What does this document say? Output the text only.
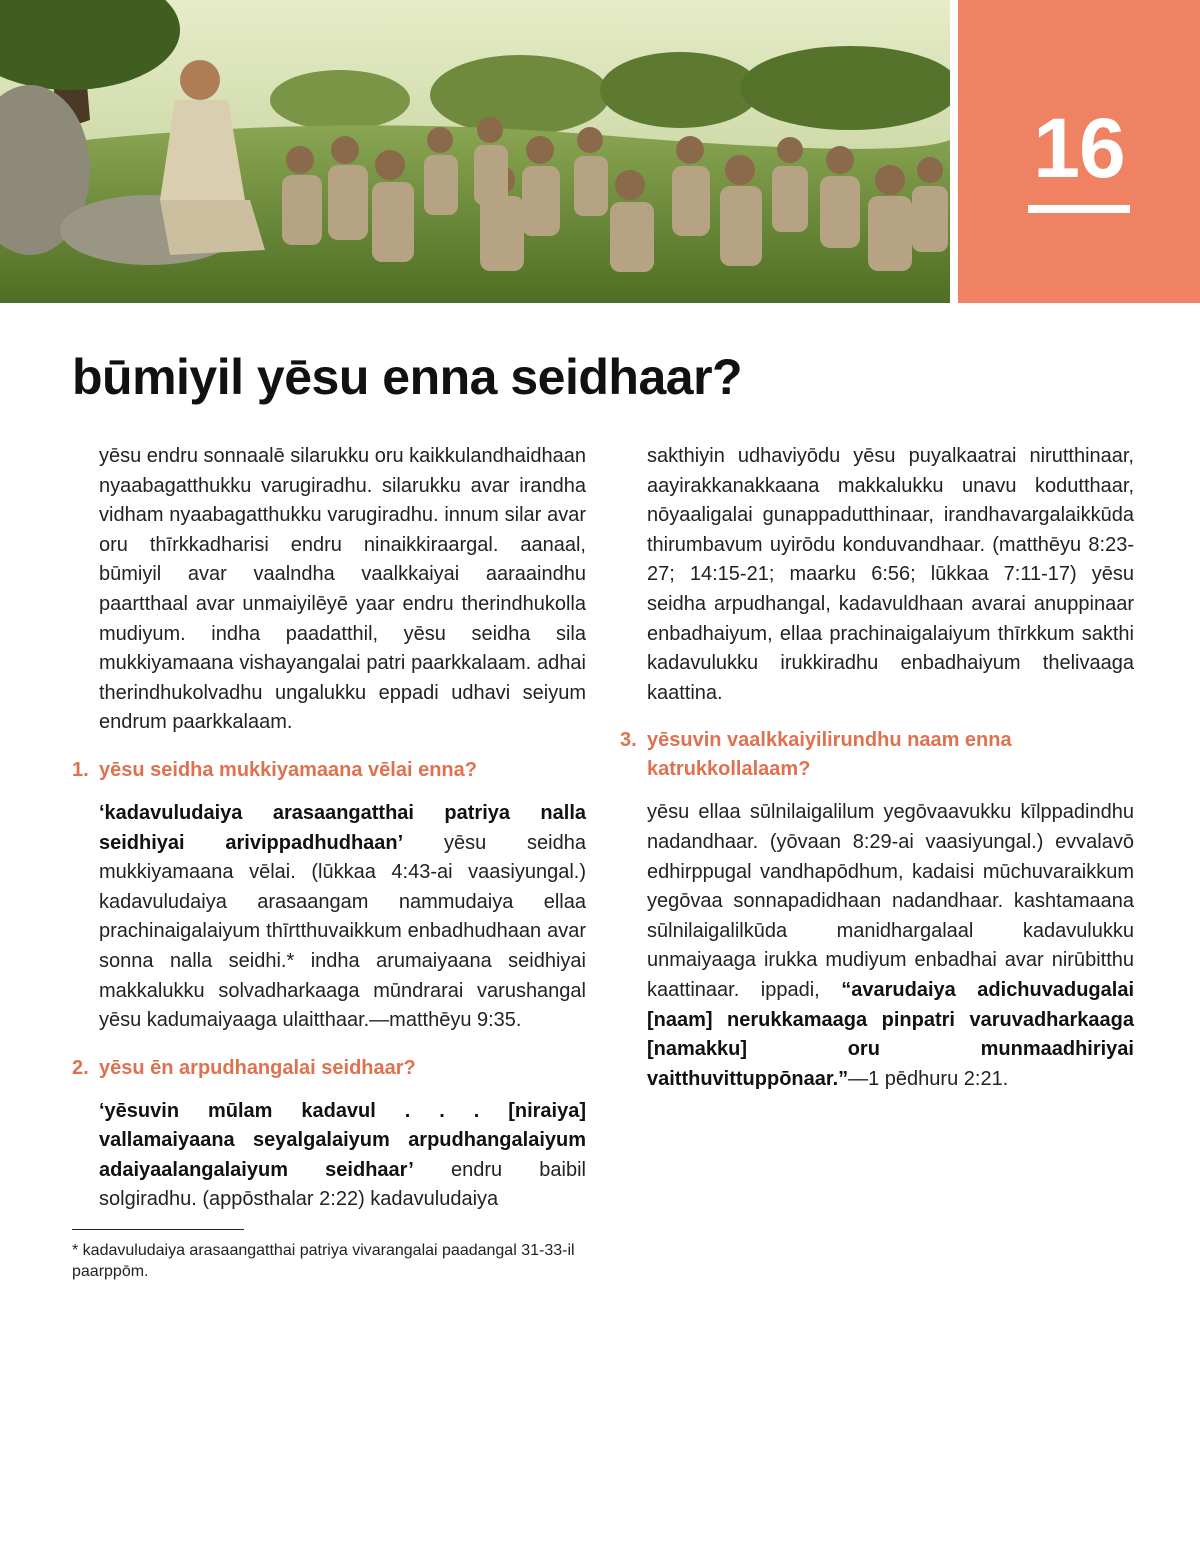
16
būmiyil yēsu enna seidhaar?

yēsu endru sonnaalē silarukku oru kaikkulandhaidhaan nyaabagatthukku varugiradhu. silarukku avar irandha vidham nyaabagatthukku varugiradhu. innum silar avar oru thīrkkadharisi endru ninaikkiraargal. aanaal, būmiyil avar vaalndha vaalkkaiyai aaraaindhu paartthaal avar unmaiyilēyē yaar endru therindhukolla mudiyum. indha paadatthil, yēsu seidha sila mukkiyamaana vishayangalai patri paarkkalaam. adhai therindhukolvadhu ungalukku eppadi udhavi seiyum endrum paarkkalaam.

1. yēsu seidha mukkiyamaana vēlai enna?

‘kadavuludaiya arasaangatthai patriya nalla seidhiyai arivippadhudhaan’ yēsu seidha mukkiyamaana vēlai. (lūkkaa 4:43-ai vaasiyungal.) kadavuludaiya arasaangam nammudaiya ellaa prachinaigalaiyum thīrtthuvaikkum enbadhudhaan avar sonna nalla seidhi.* indha arumaiyaana seidhiyai makkalukku solvadharkaaga mūndrarai varushangal yēsu kadumaiyaaga ulaitthaar.—matthēyu 9:35.

2. yēsu ēn arpudhangalai seidhaar?

‘yēsuvin mūlam kadavul . . . [niraiya] vallamaiyaana seyalgalaiyum arpudhangalaiyum adaiyaalangalaiyum seidhaar’ endru baibil solgiradhu. (appōsthalar 2:22) kadavuludaiya

* kadavuludaiya arasaangatthai patriya vivarangalai paadangal 31-33-il paarppōm.

sakthiyin udhaviyōdu yēsu puyalkaatrai nirutthinaar, aayirakkanakkaana makkalukku unavu kodutthaar, nōyaaligalai gunappadutthinaar, irandhavargalaikkūda thirumbavum uyirōdu konduvandhaar. (matthēyu 8:23-27; 14:15-21; maarku 6:56; lūkkaa 7:11-17) yēsu seidha arpudhangal, kadavuldhaan avarai anuppinaar enbadhaiyum, ellaa prachinaigalaiyum thīrkkum sakthi kadavulukku irukkiradhu enbadhaiyum thelivaaga kaattina.

3. yēsuvin vaalkkaiyilirundhu naam enna katrukkollalaam?

yēsu ellaa sūlnilaigalilum yegōvaavukku kīlppadindhu nadandhaar. (yōvaan 8:29-ai vaasiyungal.) evvalavō edhirppugal vandhapōdhum, kadaisi mūchuvaraikkum yegōvaa sonnapadidhaan nadandhaar. kashtamaana sūlnilaigalilkūda manidhargalaal kadavulukku unmaiyaaga irukka mudiyum enbadhai avar nirūbitthu kaattinaar. ippadi, “avarudaiya adichuvadugalai [naam] nerukkamaaga pinpatri varuvadharkaaga [namakku] oru munmaadhiriyai vaitthuvittuppōnaar.”—1 pēdhuru 2:21.
